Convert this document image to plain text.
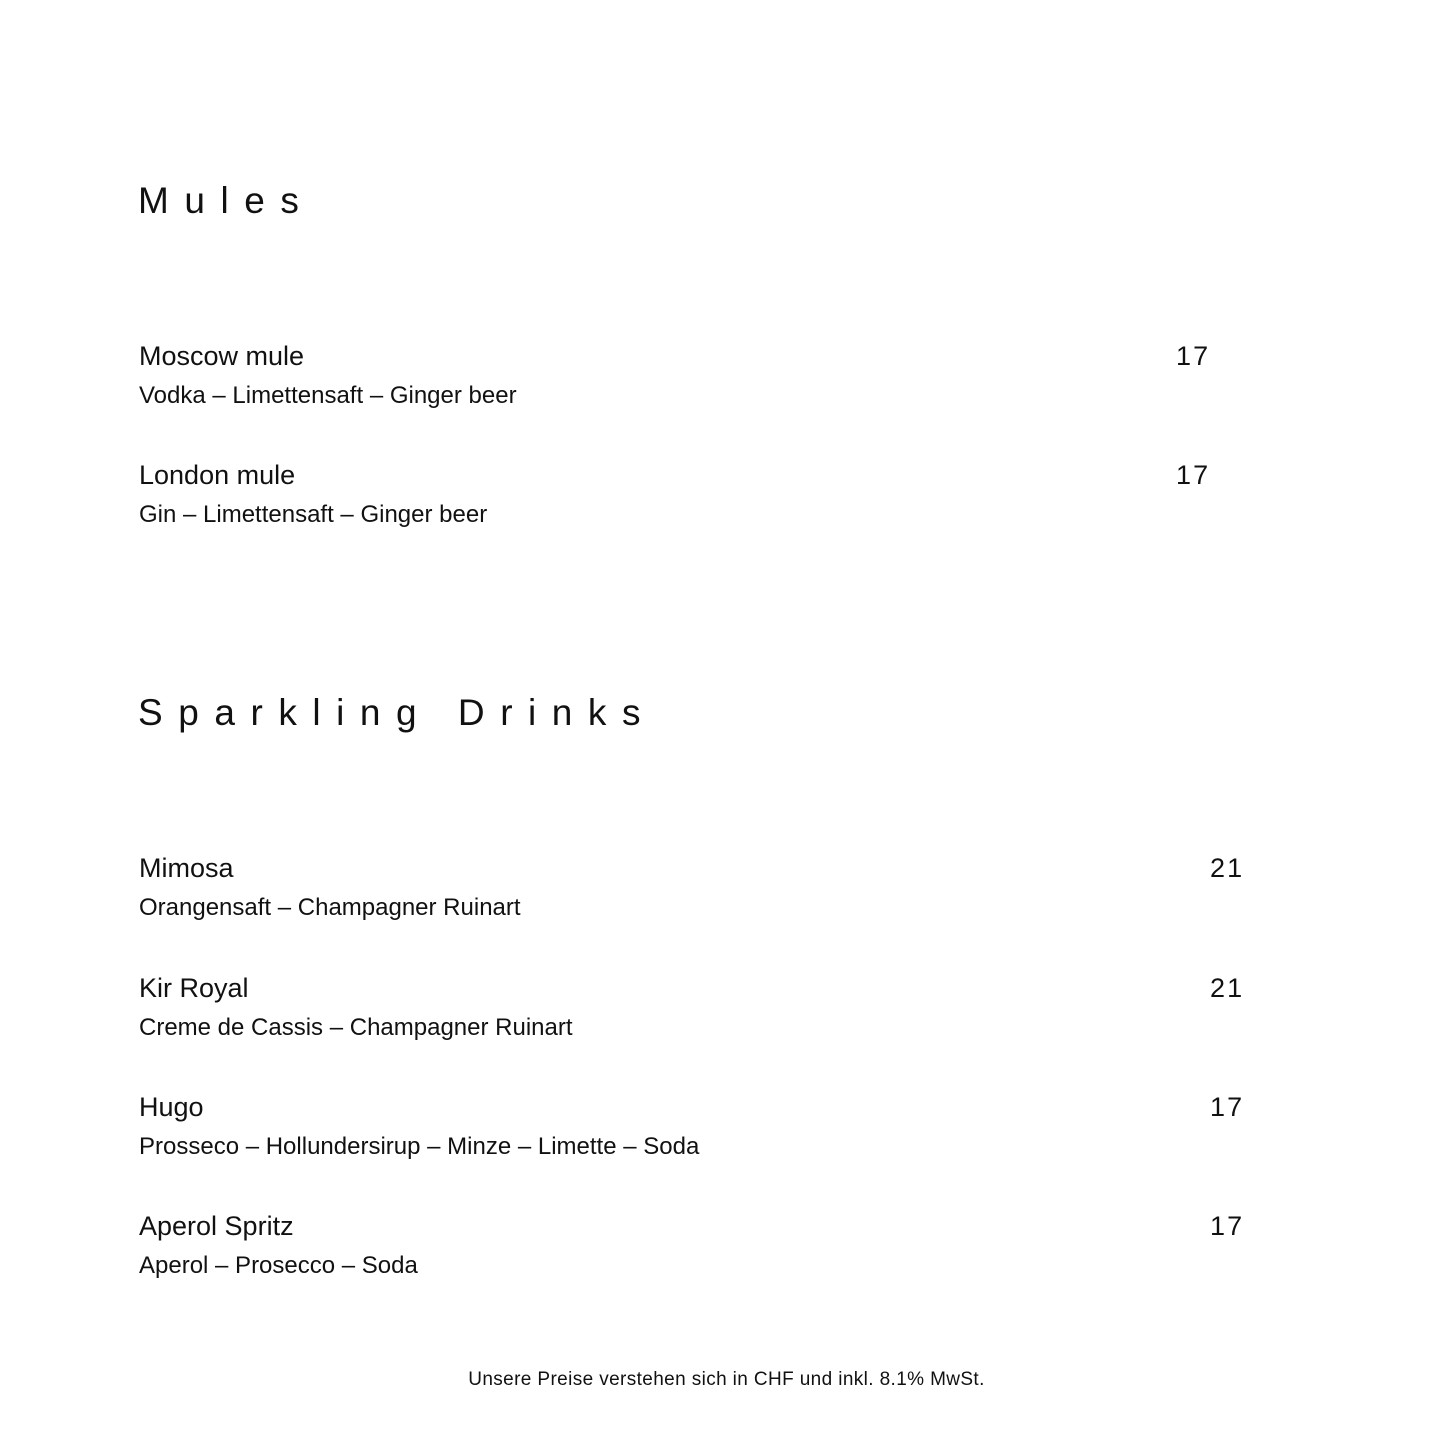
Mules
Moscow mule
Vodka – Limettensaft – Ginger beer
17
London mule
Gin – Limettensaft – Ginger beer
17
Sparkling Drinks
Mimosa
Orangensaft – Champagner Ruinart
21
Kir Royal
Creme de Cassis – Champagner Ruinart
21
Hugo
Prosseco – Hollundersirup – Minze – Limette – Soda
17
Aperol Spritz
Aperol – Prosecco – Soda
17
Unsere Preise verstehen sich in CHF und inkl. 8.1% MwSt.
